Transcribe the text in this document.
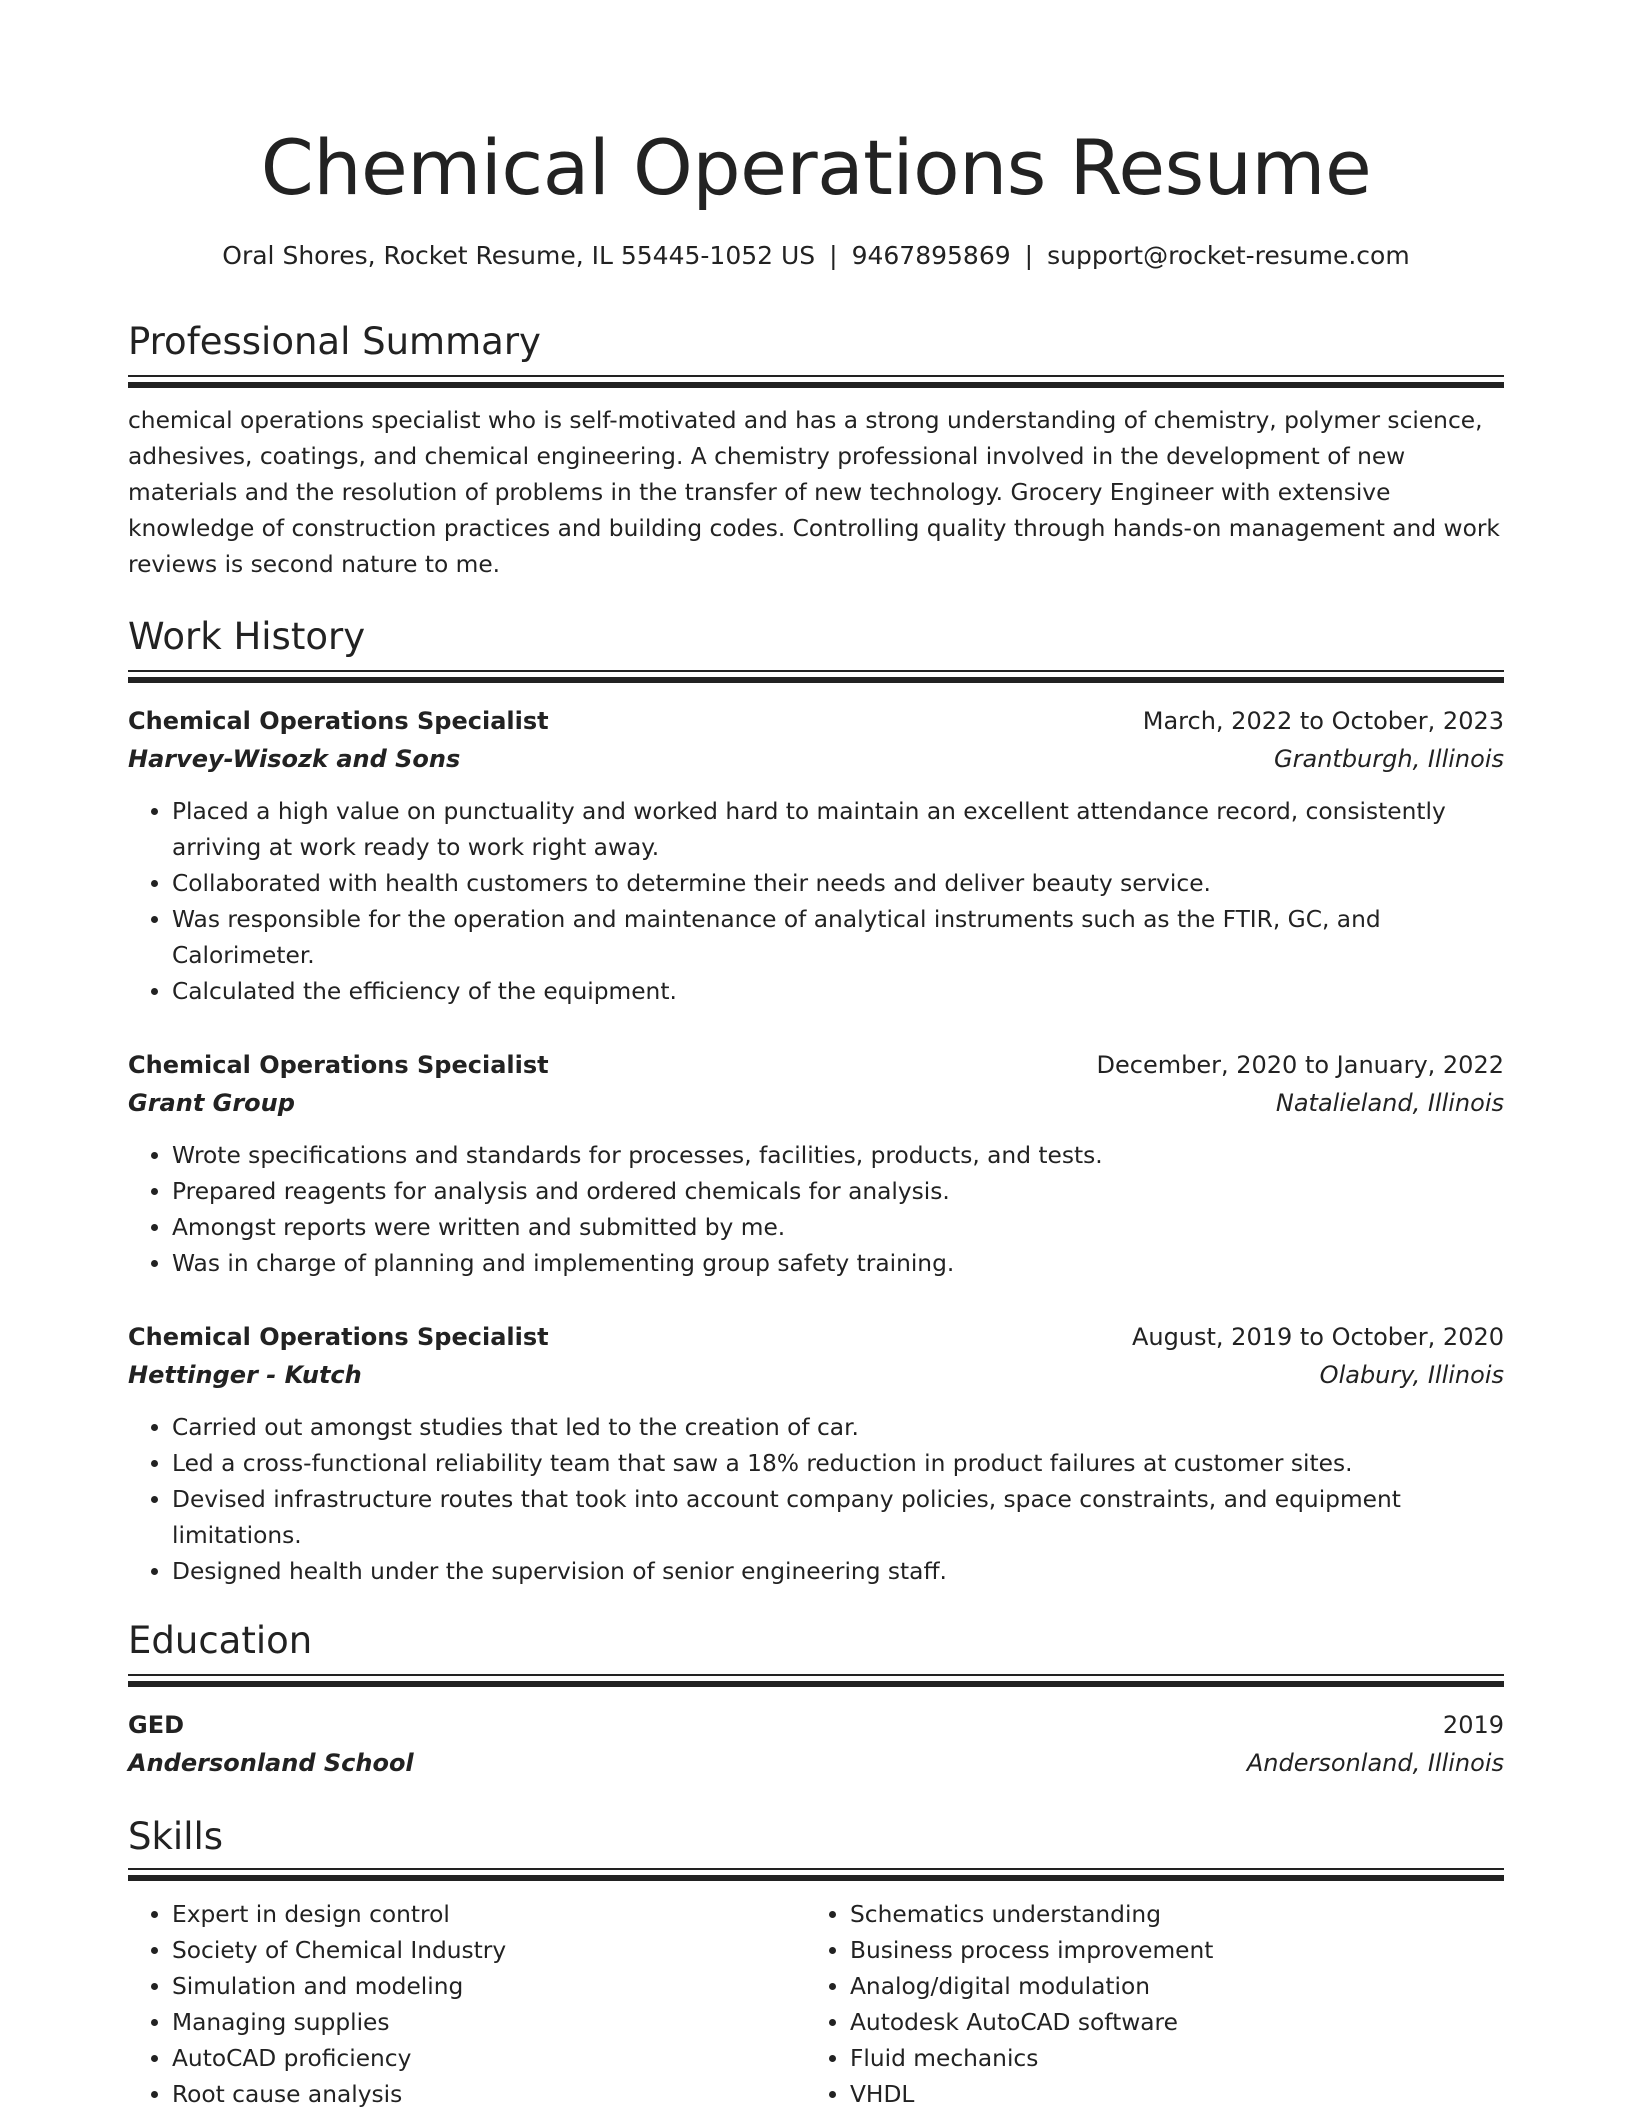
Chemical Operations Resume
Oral Shores, Rocket Resume, IL 55445-1052 US | 9467895869 | support@rocket-resume.com
Professional Summary

chemical operations specialist who is self-motivated and has a strong understanding of chemistry, polymer science, adhesives, coatings, and chemical engineering. A chemistry professional involved in the development of new materials and the resolution of problems in the transfer of new technology. Grocery Engineer with extensive knowledge of construction practices and building codes. Controlling quality through hands-on management and work reviews is second nature to me.

Work History
Chemical Operations Specialist	March, 2022 to October, 2023
Harvey-Wisozk and Sons	Grantburgh, Illinois
• Placed a high value on punctuality and worked hard to maintain an excellent attendance record, consistently arriving at work ready to work right away.
• Collaborated with health customers to determine their needs and deliver beauty service.
• Was responsible for the operation and maintenance of analytical instruments such as the FTIR, GC, and Calorimeter.
• Calculated the efficiency of the equipment.
Chemical Operations Specialist	December, 2020 to January, 2022
Grant Group	Natalieland, Illinois
• Wrote specifications and standards for processes, facilities, products, and tests.
• Prepared reagents for analysis and ordered chemicals for analysis.
• Amongst reports were written and submitted by me.
• Was in charge of planning and implementing group safety training.
Chemical Operations Specialist	August, 2019 to October, 2020
Hettinger - Kutch	Olabury, Illinois
• Carried out amongst studies that led to the creation of car.
• Led a cross-functional reliability team that saw a 18% reduction in product failures at customer sites.
• Devised infrastructure routes that took into account company policies, space constraints, and equipment limitations.
• Designed health under the supervision of senior engineering staff.
Education
GED	2019
Andersonland School	Andersonland, Illinois
Skills
• Expert in design control
• Society of Chemical Industry
• Simulation and modeling
• Managing supplies
• AutoCAD proficiency
• Root cause analysis
• Schematics understanding
• Business process improvement
• Analog/digital modulation
• Autodesk AutoCAD software
• Fluid mechanics
• VHDL
